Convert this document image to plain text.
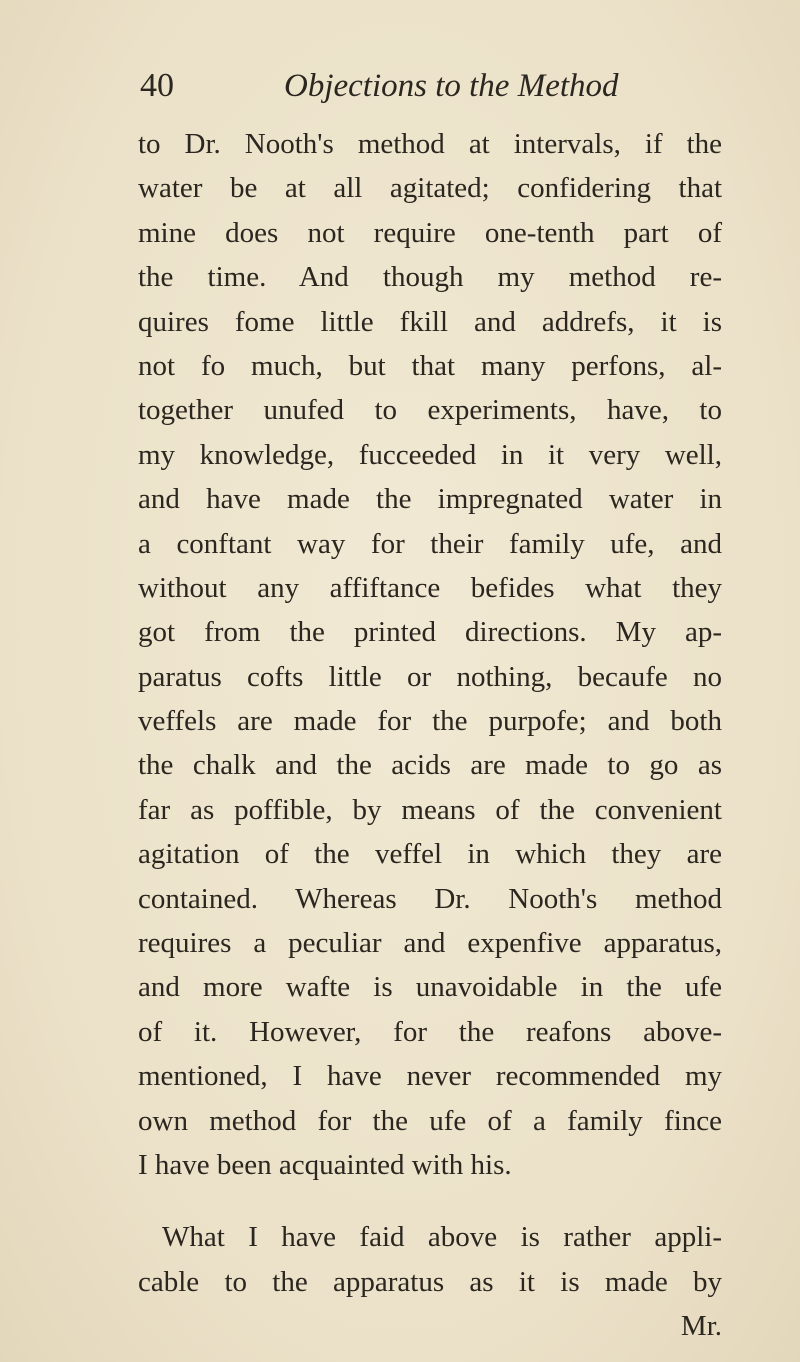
40	Objections to the Method
to Dr. Nooth's method at intervals, if the
water be at all agitated; confidering that
mine does not require one-tenth part of
the time. And though my method re-
quires fome little fkill and addrefs, it is
not fo much, but that many perfons, al-
together unufed to experiments, have, to
my knowledge, fucceeded in it very well,
and have made the impregnated water in
a conftant way for their family ufe, and
without any affiftance befides what they
got from the printed directions. My ap-
paratus cofts little or nothing, becaufe no
veffels are made for the purpofe; and both
the chalk and the acids are made to go as
far as poffible, by means of the convenient
agitation of the veffel in which they are
contained. Whereas Dr. Nooth's method
requires a peculiar and expenfive apparatus,
and more wafte is unavoidable in the ufe
of it. However, for the reafons above-
mentioned, I have never recommended my
own method for the ufe of a family fince
I have been acquainted with his.
What I have faid above is rather appli-
cable to the apparatus as it is made by
Mr.
